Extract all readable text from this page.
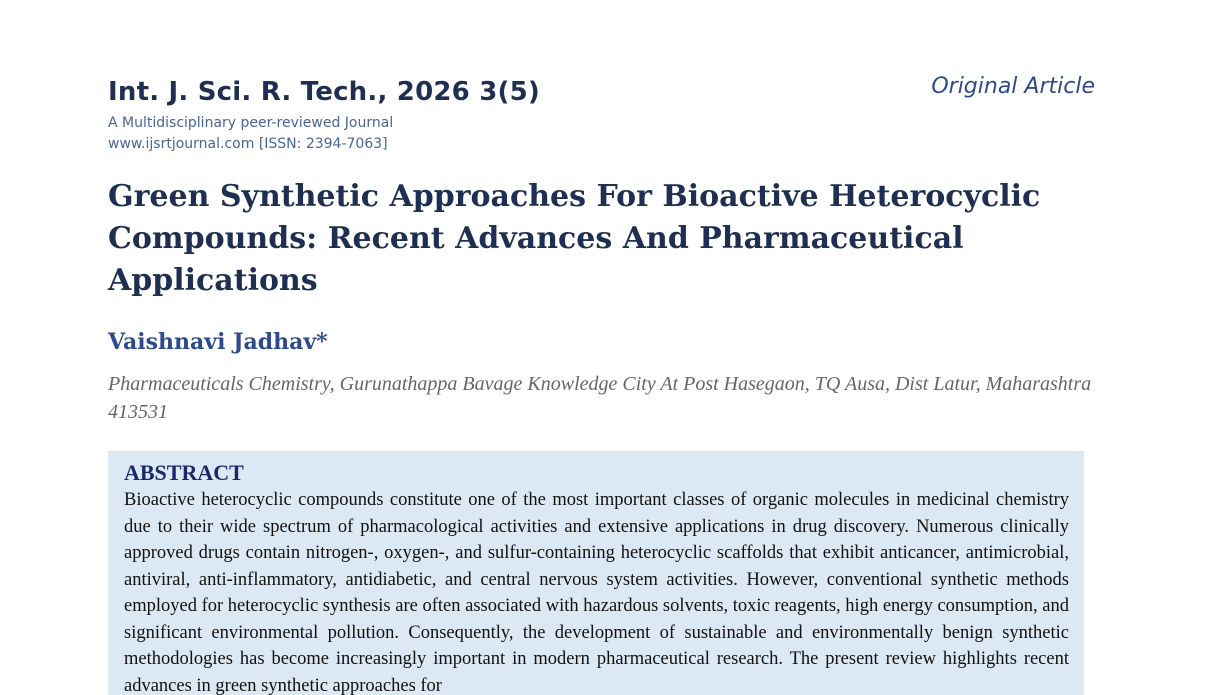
Int. J. Sci. R. Tech., 2026 3(5)	Original Article
A Multidisciplinary peer-reviewed Journal
www.ijsrtjournal.com [ISSN: 2394-7063]
Green Synthetic Approaches For Bioactive Heterocyclic Compounds: Recent Advances And Pharmaceutical Applications
Vaishnavi Jadhav*
Pharmaceuticals Chemistry, Gurunathappa Bavage Knowledge City At Post Hasegaon, TQ Ausa, Dist Latur, Maharashtra 413531
ABSTRACT

Bioactive heterocyclic compounds constitute one of the most important classes of organic molecules in medicinal chemistry due to their wide spectrum of pharmacological activities and extensive applications in drug discovery. Numerous clinically approved drugs contain nitrogen-, oxygen-, and sulfur-containing heterocyclic scaffolds that exhibit anticancer, antimicrobial, antiviral, anti-inflammatory, antidiabetic, and central nervous system activities. However, conventional synthetic methods employed for heterocyclic synthesis are often associated with hazardous solvents, toxic reagents, high energy consumption, and significant environmental pollution. Consequently, the development of sustainable and environmentally benign synthetic methodologies has become increasingly important in modern pharmaceutical research. The present review highlights recent advances in green synthetic approaches for
